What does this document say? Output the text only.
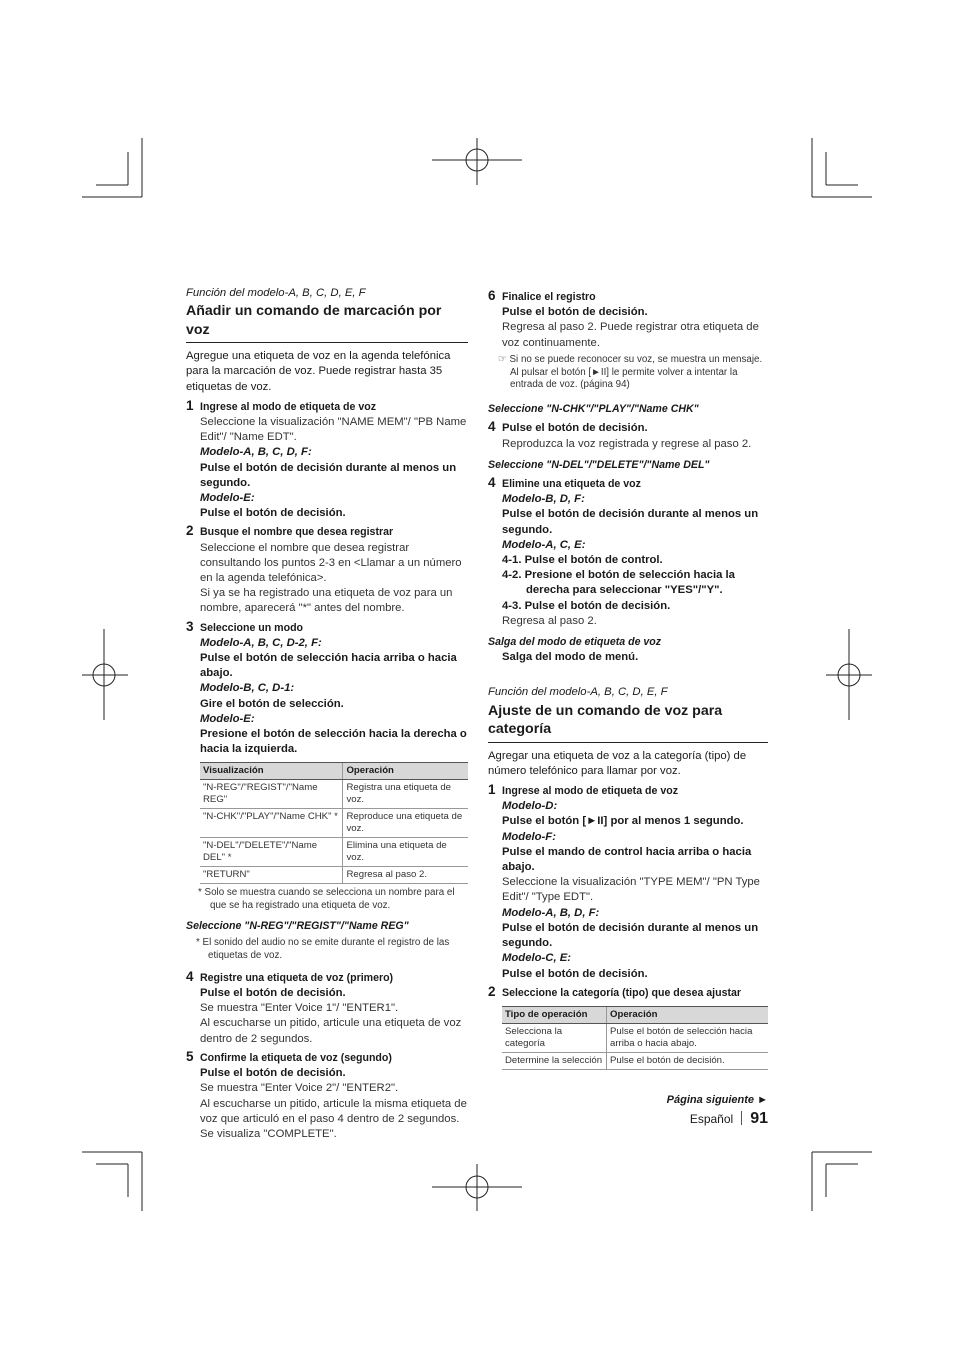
Función del modelo-A, B, C, D, E, F
Añadir un comando de marcación por voz
Agregue una etiqueta de voz en la agenda telefónica para la marcación de voz. Puede registrar hasta 35 etiquetas de voz.
1 Ingrese al modo de etiqueta de voz
Seleccione la visualización "NAME MEM"/ "PB Name Edit"/ "Name EDT".
Modelo-A, B, C, D, F:
Pulse el botón de decisión durante al menos un segundo.
Modelo-E:
Pulse el botón de decisión.
2 Busque el nombre que desea registrar
Seleccione el nombre que desea registrar consultando los puntos 2-3 en <Llamar a un número en la agenda telefónica>.
Si ya se ha registrado una etiqueta de voz para un nombre, aparecerá "*" antes del nombre.
3 Seleccione un modo
Modelo-A, B, C, D-2, F:
Pulse el botón de selección hacia arriba o hacia abajo.
Modelo-B, C, D-1:
Gire el botón de selección.
Modelo-E:
Presione el botón de selección hacia la derecha o hacia la izquierda.
Visualización	Operación
"N-REG"/"REGIST"/"Name REG"	Registra una etiqueta de voz.
"N-CHK"/"PLAY"/"Name CHK" *	Reproduce una etiqueta de voz.
"N-DEL"/"DELETE"/"Name DEL" *	Elimina una etiqueta de voz.
"RETURN"	Regresa al paso 2.
* Solo se muestra cuando se selecciona un nombre para el que se ha registrado una etiqueta de voz.
Seleccione "N-REG"/"REGIST"/"Name REG"
* El sonido del audio no se emite durante el registro de las etiquetas de voz.
4 Registre una etiqueta de voz (primero)
Pulse el botón de decisión.
Se muestra "Enter Voice 1"/ "ENTER1".
Al escucharse un pitido, articule una etiqueta de voz dentro de 2 segundos.
5 Confirme la etiqueta de voz (segundo)
Pulse el botón de decisión.
Se muestra "Enter Voice 2"/ "ENTER2".
Al escucharse un pitido, articule la misma etiqueta de voz que articuló en el paso 4 dentro de 2 segundos.
Se visualiza "COMPLETE".
6 Finalice el registro
Pulse el botón de decisión.
Regresa al paso 2. Puede registrar otra etiqueta de voz continuamente.
☞ Si no se puede reconocer su voz, se muestra un mensaje. Al pulsar el botón [►II] le permite volver a intentar la entrada de voz. (página 94)
Seleccione "N-CHK"/"PLAY"/"Name CHK"
4 Pulse el botón de decisión.
Reproduzca la voz registrada y regrese al paso 2.
Seleccione "N-DEL"/"DELETE"/"Name DEL"
4 Elimine una etiqueta de voz
Modelo-B, D, F:
Pulse el botón de decisión durante al menos un segundo.
Modelo-A, C, E:
4-1. Pulse el botón de control.
4-2. Presione el botón de selección hacia la derecha para seleccionar "YES"/"Y".
4-3. Pulse el botón de decisión.
Regresa al paso 2.
Salga del modo de etiqueta de voz
Salga del modo de menú.
Función del modelo-A, B, C, D, E, F
Ajuste de un comando de voz para categoría
Agregar una etiqueta de voz a la categoría (tipo) de número telefónico para llamar por voz.
1 Ingrese al modo de etiqueta de voz
Modelo-D:
Pulse el botón [►II] por al menos 1 segundo.
Modelo-F:
Pulse el mando de control hacia arriba o hacia abajo.
Seleccione la visualización "TYPE MEM"/ "PN Type Edit"/ "Type EDT".
Modelo-A, B, D, F:
Pulse el botón de decisión durante al menos un segundo.
Modelo-C, E:
Pulse el botón de decisión.
2 Seleccione la categoría (tipo) que desea ajustar
Tipo de operación	Operación
Selecciona la categoría	Pulse el botón de selección hacia arriba o hacia abajo.
Determine la selección	Pulse el botón de decisión.
Página siguiente ►
Español 91
